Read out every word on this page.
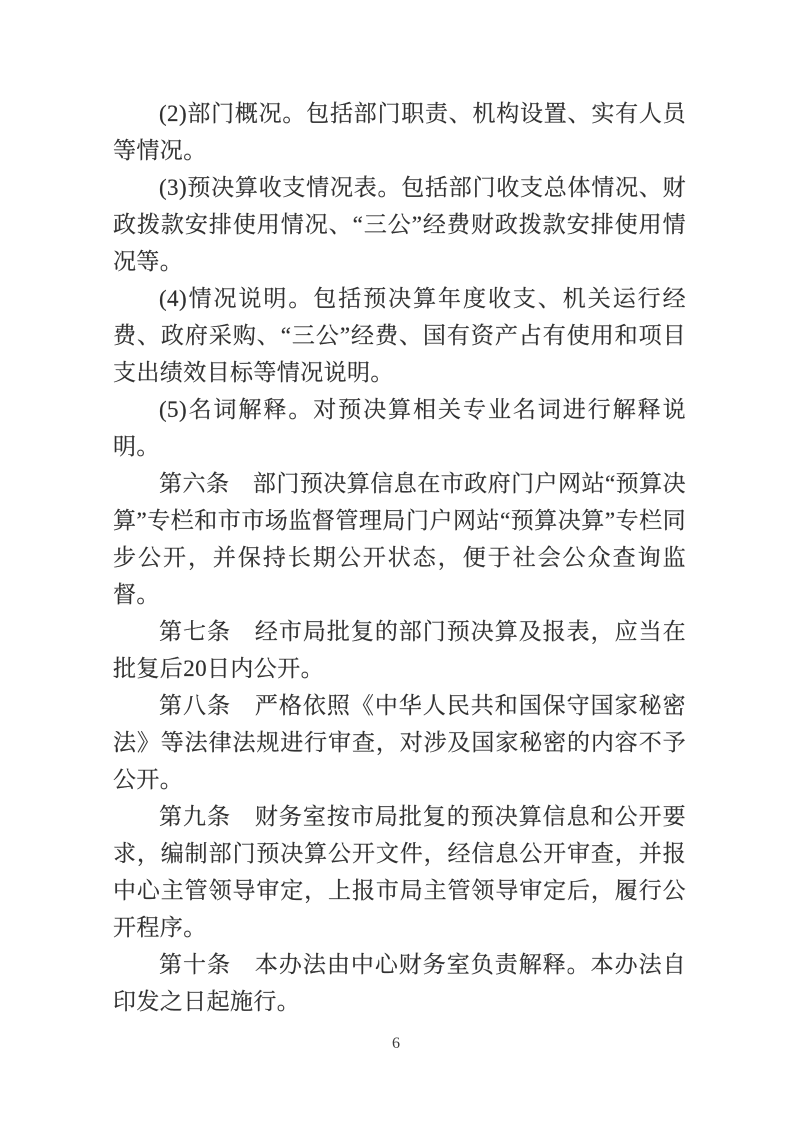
(2)部门概况。包括部门职责、机构设置、实有人员等情况。

(3)预决算收支情况表。包括部门收支总体情况、财政拨款安排使用情况、“三公”经费财政拨款安排使用情况等。

(4)情况说明。包括预决算年度收支、机关运行经费、政府采购、“三公”经费、国有资产占有使用和项目支出绩效目标等情况说明。

(5)名词解释。对预决算相关专业名词进行解释说明。

第六条　部门预决算信息在市政府门户网站“预算决算”专栏和市市场监督管理局门户网站“预算决算”专栏同步公开，并保持长期公开状态，便于社会公众查询监督。

第七条　经市局批复的部门预决算及报表，应当在批复后20日内公开。

第八条　严格依照《中华人民共和国保守国家秘密法》等法律法规进行审查，对涉及国家秘密的内容不予公开。

第九条　财务室按市局批复的预决算信息和公开要求，编制部门预决算公开文件，经信息公开审查，并报中心主管领导审定，上报市局主管领导审定后，履行公开程序。

第十条　本办法由中心财务室负责解释。本办法自印发之日起施行。

6
